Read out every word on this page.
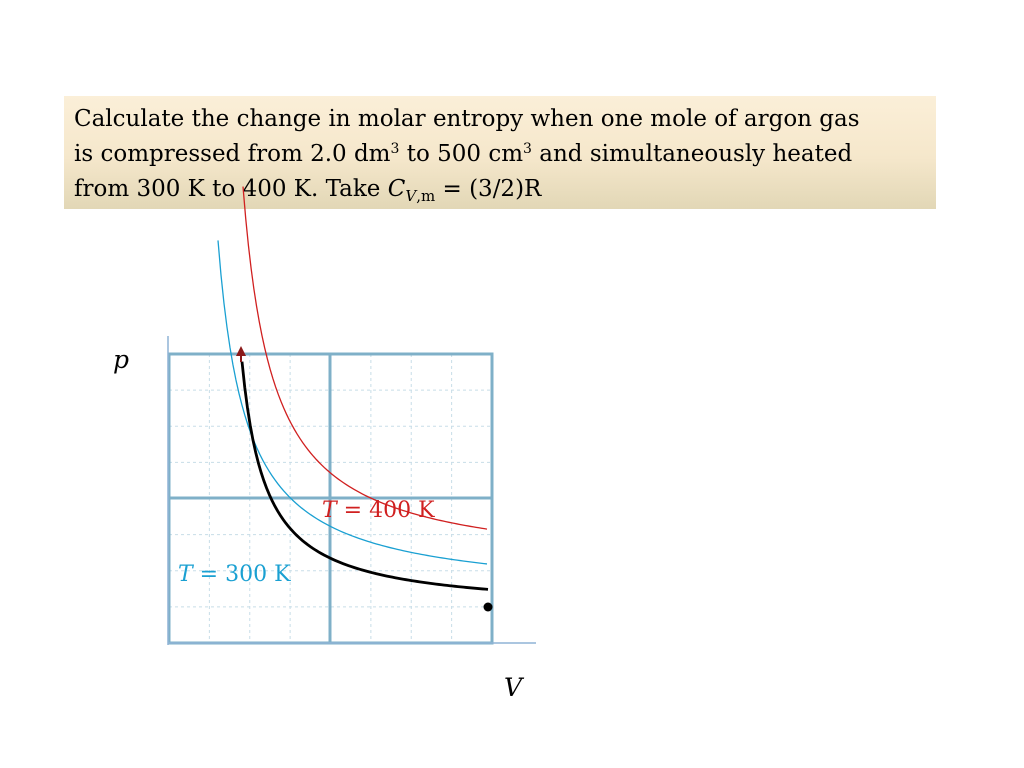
Calculate the change in molar entropy when one mole of argon gas
is compressed from 2.0 $dm^3$ to 500 $cm^3$ and simultaneously heated
from 300 K to 400 K. Take $C_{V,m} = (3/2)R$
p
V
T = 400 K
T = 300 K
